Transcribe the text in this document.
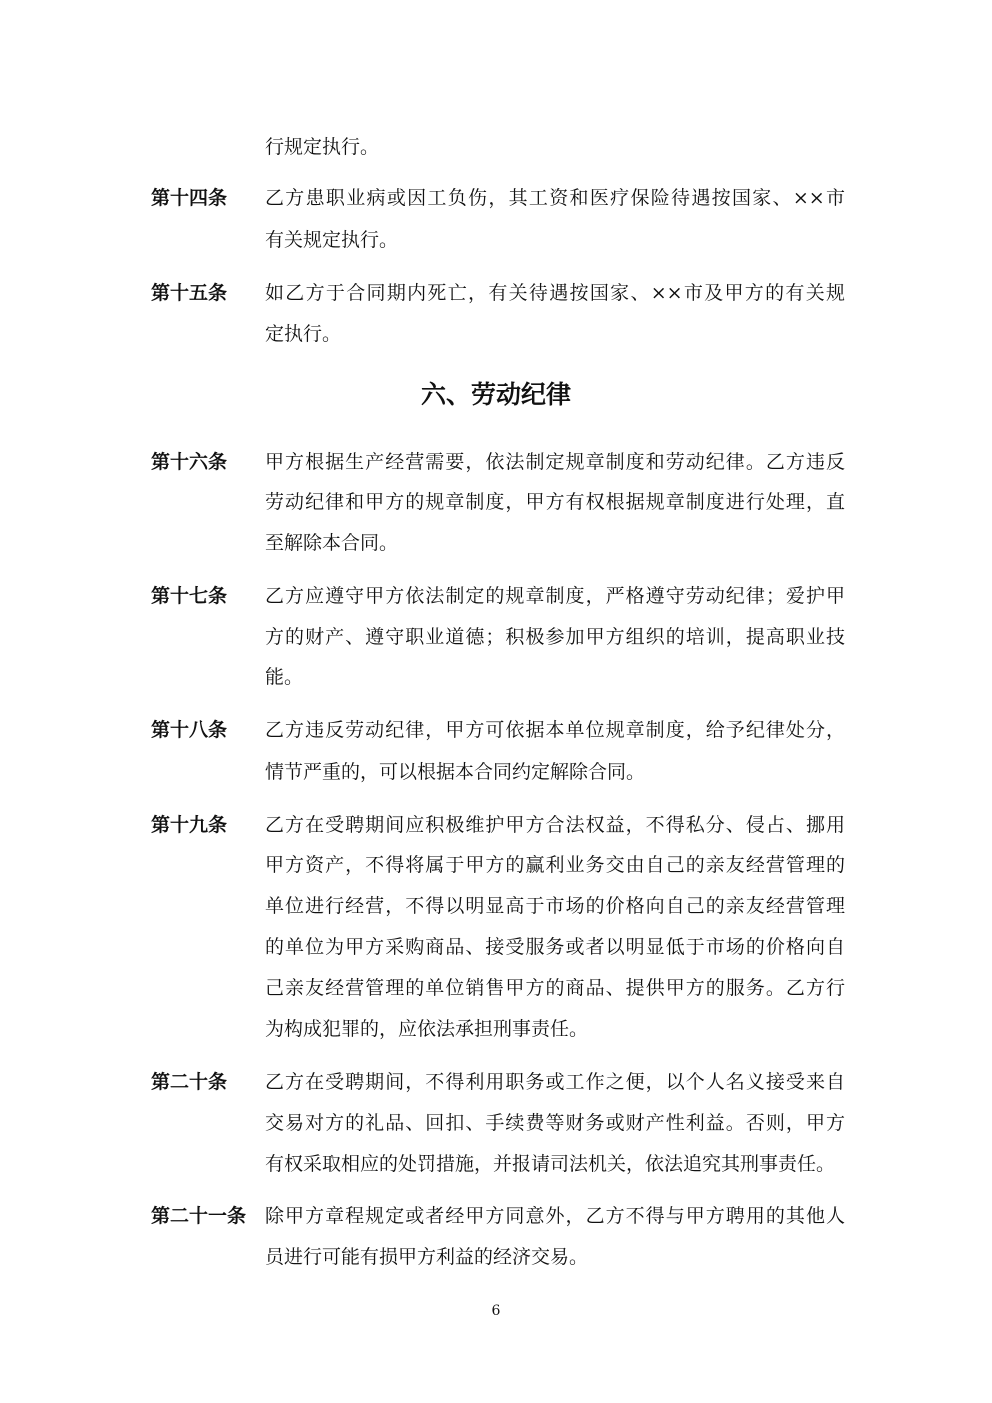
行规定执行。
第十四条 乙方患职业病或因工负伤，其工资和医疗保险待遇按国家、××市
有关规定执行。
第十五条 如乙方于合同期内死亡，有关待遇按国家、××市及甲方的有关规
定执行。
六、劳动纪律
第十六条 甲方根据生产经营需要，依法制定规章制度和劳动纪律。乙方违反
劳动纪律和甲方的规章制度，甲方有权根据规章制度进行处理，直
至解除本合同。
第十七条 乙方应遵守甲方依法制定的规章制度，严格遵守劳动纪律；爱护甲
方的财产、遵守职业道德；积极参加甲方组织的培训，提高职业技
能。
第十八条 乙方违反劳动纪律，甲方可依据本单位规章制度，给予纪律处分，
情节严重的，可以根据本合同约定解除合同。
第十九条 乙方在受聘期间应积极维护甲方合法权益，不得私分、侵占、挪用
甲方资产，不得将属于甲方的赢利业务交由自己的亲友经营管理的
单位进行经营，不得以明显高于市场的价格向自己的亲友经营管理
的单位为甲方采购商品、接受服务或者以明显低于市场的价格向自
己亲友经营管理的单位销售甲方的商品、提供甲方的服务。乙方行
为构成犯罪的，应依法承担刑事责任。
第二十条 乙方在受聘期间，不得利用职务或工作之便，以个人名义接受来自
交易对方的礼品、回扣、手续费等财务或财产性利益。否则，甲方
有权采取相应的处罚措施，并报请司法机关，依法追究其刑事责任。
第二十一条 除甲方章程规定或者经甲方同意外，乙方不得与甲方聘用的其他人
员进行可能有损甲方利益的经济交易。
6
